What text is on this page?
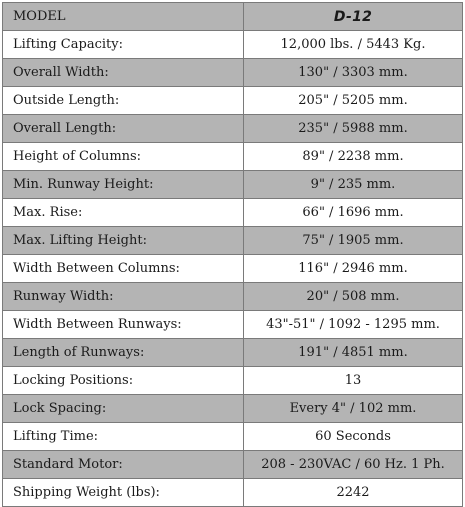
MODEL	D-12
Lifting Capacity:	12,000 lbs. / 5443 Kg.
Overall Width:	130" / 3303 mm.
Outside Length:	205" / 5205 mm.
Overall Length:	235" / 5988 mm.
Height of Columns:	89" / 2238 mm.
Min. Runway Height:	9" / 235 mm.
Max. Rise:	66" / 1696 mm.
Max. Lifting Height:	75" / 1905 mm.
Width Between Columns:	116" / 2946 mm.
Runway Width:	20" / 508 mm.
Width Between Runways:	43"-51" / 1092 - 1295 mm.
Length of Runways:	191" / 4851 mm.
Locking Positions:	13
Lock Spacing:	Every 4" / 102 mm.
Lifting Time:	60 Seconds
Standard Motor:	208 - 230VAC / 60 Hz. 1 Ph.
Shipping Weight (lbs):	2242
